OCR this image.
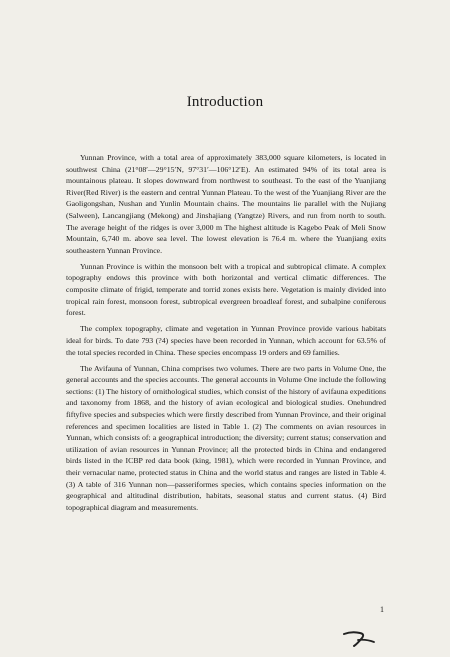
Introduction

Yunnan Province, with a total area of approximately 383,000 square kilometers, is located in southwest China (21°08′—29°15′N, 97°31′—106°12′E). An estimated 94% of its total area is mountainous plateau. It slopes downward from northwest to southeast. To the east of the Yuanjiang River(Red River) is the eastern and central Yunnan Plateau. To the west of the Yuanjiang River are the Gaoligongshan, Nushan and Yunlin Mountain chains. The mountains lie parallel with the Nujiang (Salween), Lancangjiang (Mekong) and Jinshajiang (Yangtze) Rivers, and run from north to south. The average height of the ridges is over 3,000 m The highest altitude is Kagebo Peak of Meli Snow Mountain, 6,740 m. above sea level. The lowest elevation is 76.4 m. where the Yuanjiang exits southeastern Yunnan Province.

Yunnan Province is within the monsoon belt with a tropical and subtropical climate. A complex topography endows this province with both horizontal and vertical climatic differences. The composite climate of frigid, temperate and torrid zones exists here. Vegetation is mainly divided into tropical rain forest, monsoon forest, subtropical evergreen broadleaf forest, and subalpine coniferous forest.

The complex topography, climate and vegetation in Yunnan Province provide various habitats ideal for birds. To date 793 (?4) species have been recorded in Yunnan, which account for 63.5% of the total species recorded in China. These species encompass 19 orders and 69 families.

The Avifauna of Yunnan, China comprises two volumes. There are two parts in Volume One, the general accounts and the species accounts. The general accounts in Volume One include the following sections: (1) The history of ornithological studies, which consist of the history of avifauna expeditions and taxonomy from 1868, and the history of avian ecological and biological studies. Onehundred fiftyfive species and subspecies which were firstly described from Yunnan Province, and their original references and specimen localities are listed in Table 1. (2) The comments on avian resources in Yunnan, which consists of: a geographical introduction; the diversity; current status; conservation and utilization of avian resources in Yunnan Province; all the protected birds in China and endangered birds listed in the ICBP red data book (king, 1981), which were recorded in Yunnan Province, and their vernacular name, protected status in China and the world status and ranges are listed in Table 4. (3) A table of 316 Yunnan non—passeriformes species, which contains species information on the geographical and altitudinal distribution, habitats, seasonal status and current status. (4) Bird topographical diagram and measurements.

1
